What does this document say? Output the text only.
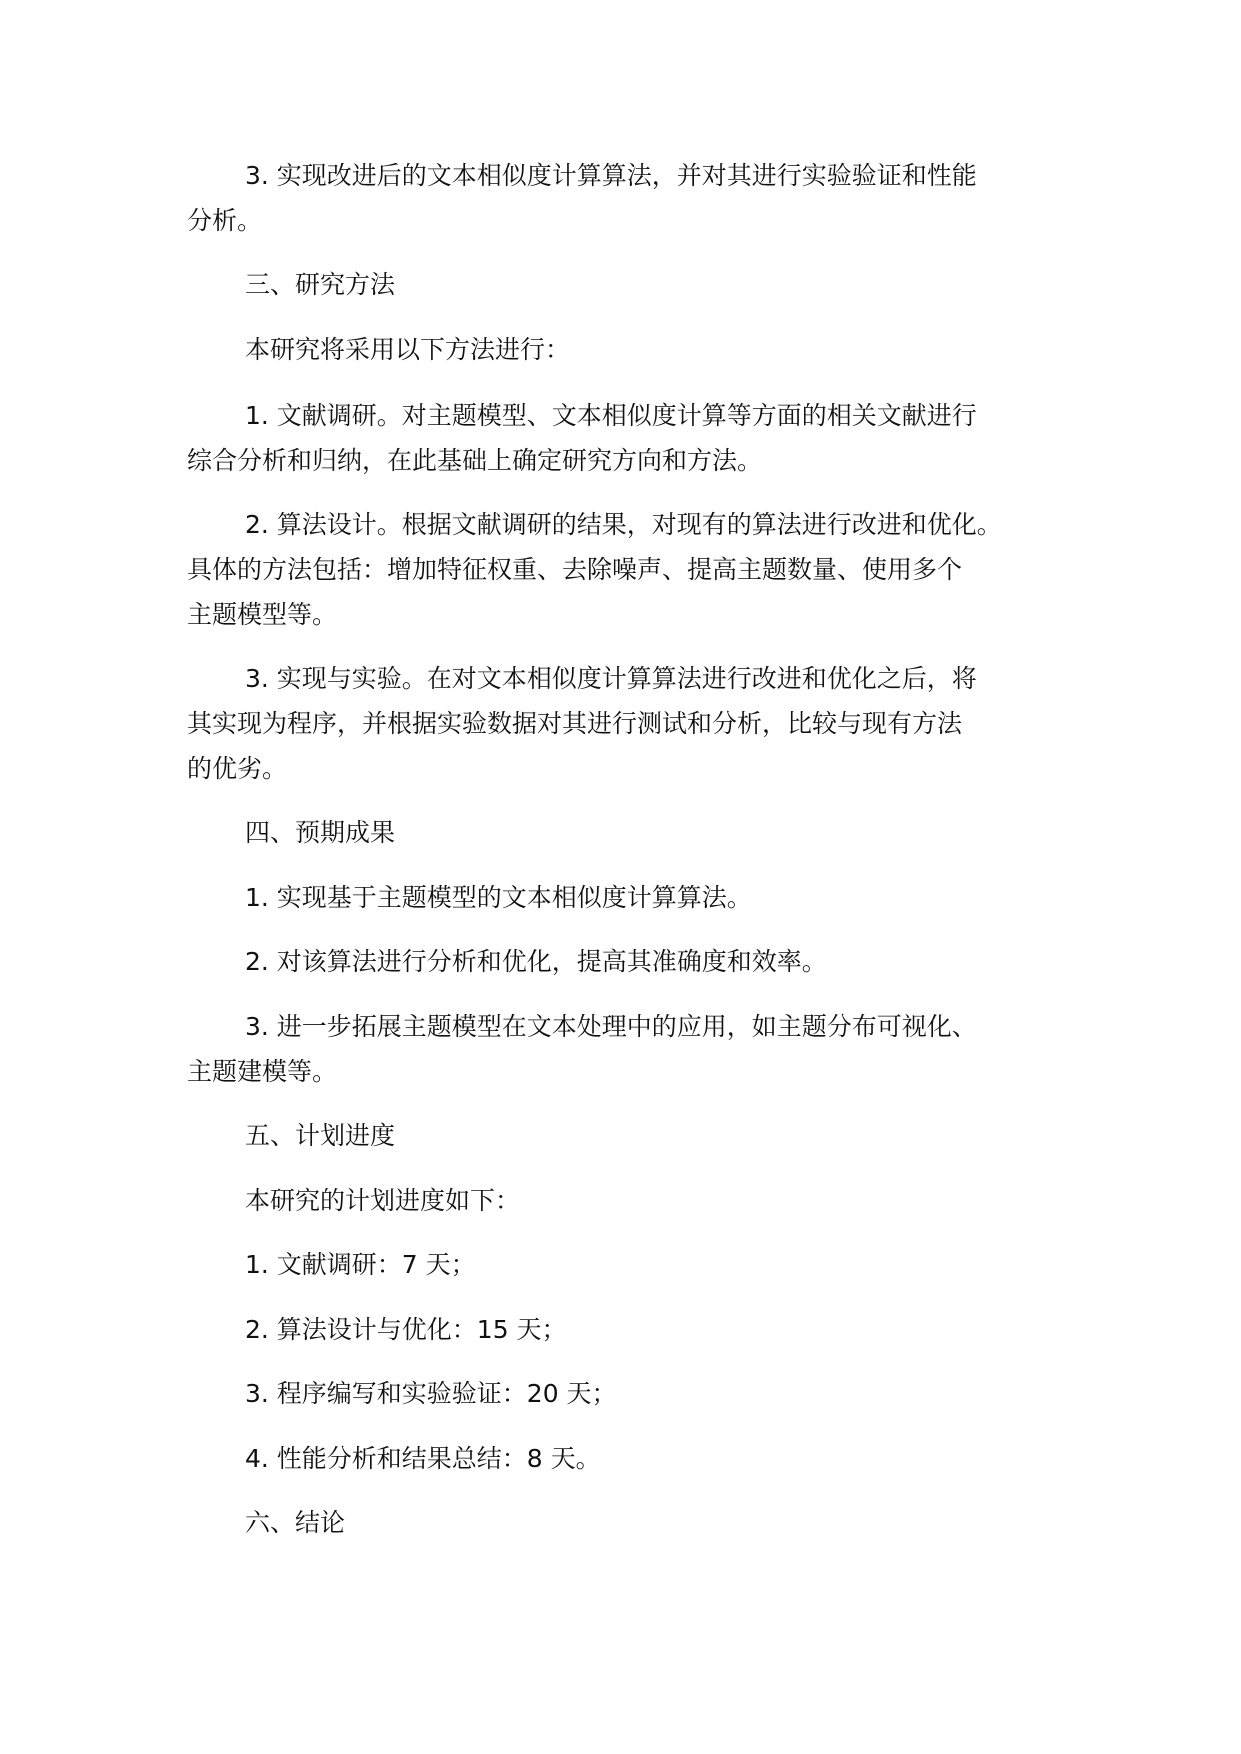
3. 实现改进后的文本相似度计算算法，并对其进行实验验证和性能

分析。

三、研究方法

本研究将采用以下方法进行：

1. 文献调研。对主题模型、文本相似度计算等方面的相关文献进行

综合分析和归纳，在此基础上确定研究方向和方法。

2. 算法设计。根据文献调研的结果，对现有的算法进行改进和优化。

具体的方法包括：增加特征权重、去除噪声、提高主题数量、使用多个

主题模型等。

3. 实现与实验。在对文本相似度计算算法进行改进和优化之后，将

其实现为程序，并根据实验数据对其进行测试和分析，比较与现有方法

的优劣。

四、预期成果

1. 实现基于主题模型的文本相似度计算算法。

2. 对该算法进行分析和优化，提高其准确度和效率。

3. 进一步拓展主题模型在文本处理中的应用，如主题分布可视化、

主题建模等。

五、计划进度

本研究的计划进度如下：

1. 文献调研：7 天；

2. 算法设计与优化：15 天；

3. 程序编写和实验验证：20 天；

4. 性能分析和结果总结：8 天。

六、结论
